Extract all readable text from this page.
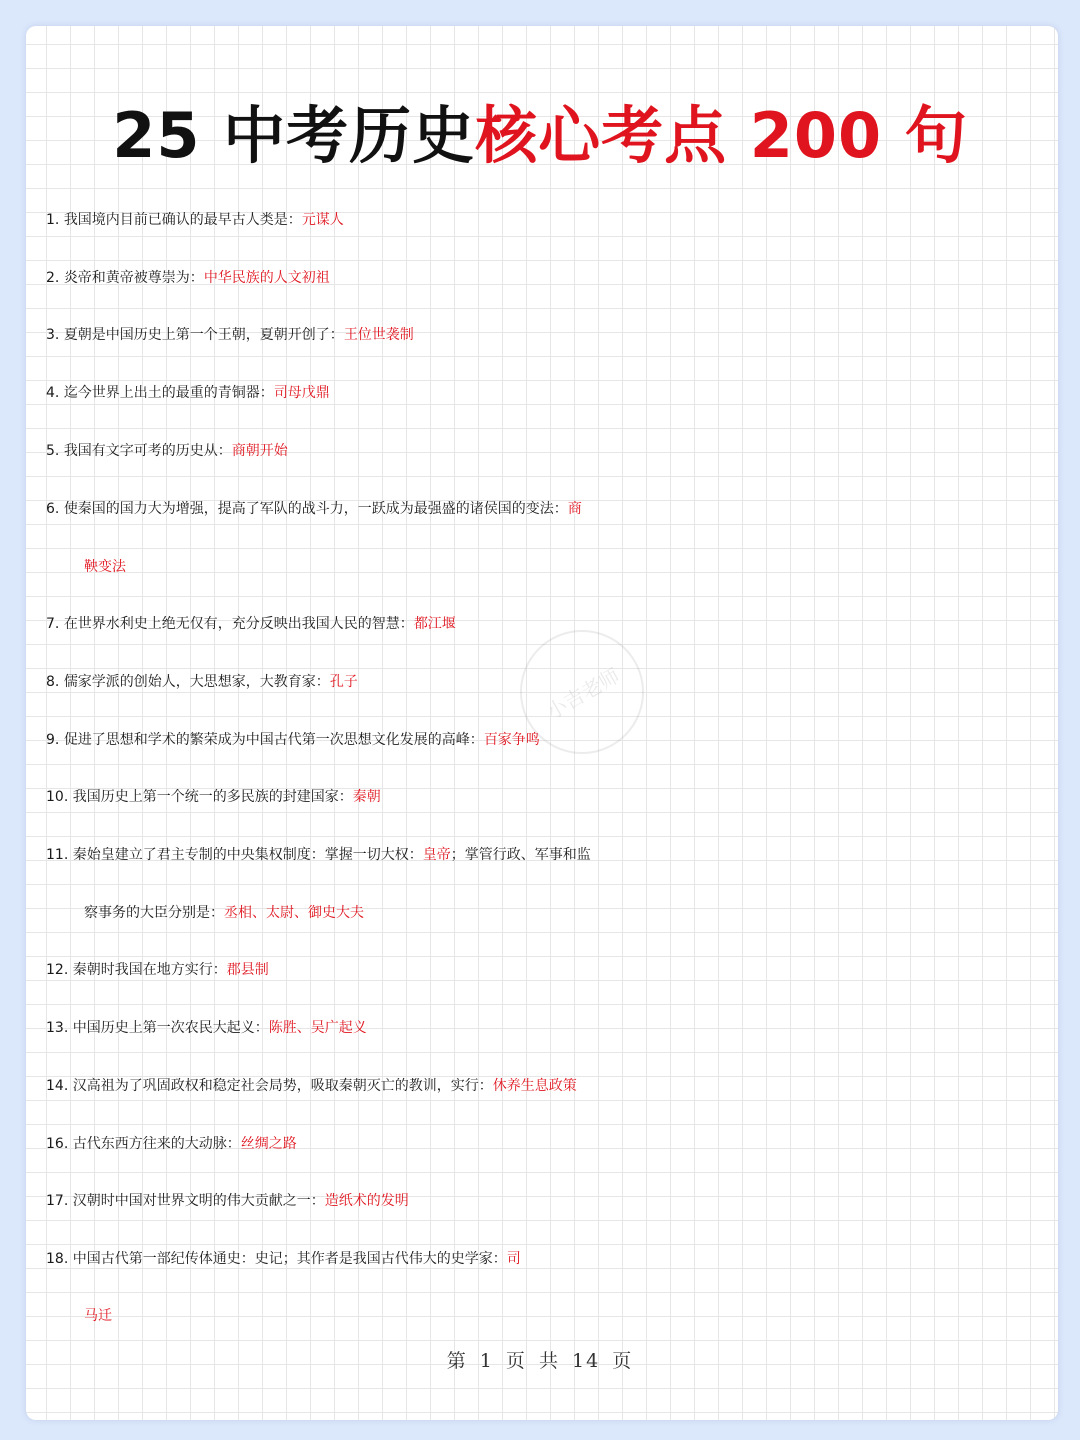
小吉老师
25 中考历史核心考点 200 句
1. 我国境内目前已确认的最早古人类是：元谋人
2. 炎帝和黄帝被尊崇为：中华民族的人文初祖
3. 夏朝是中国历史上第一个王朝，夏朝开创了：王位世袭制
4. 迄今世界上出土的最重的青铜器：司母戊鼎
5. 我国有文字可考的历史从：商朝开始
6. 使秦国的国力大为增强，提高了军队的战斗力，一跃成为最强盛的诸侯国的变法：商
鞅变法
7. 在世界水利史上绝无仅有，充分反映出我国人民的智慧：都江堰
8. 儒家学派的创始人，大思想家，大教育家：孔子
9. 促进了思想和学术的繁荣成为中国古代第一次思想文化发展的高峰：百家争鸣
10. 我国历史上第一个统一的多民族的封建国家：秦朝
11. 秦始皇建立了君主专制的中央集权制度：掌握一切大权：皇帝；掌管行政、军事和监
察事务的大臣分别是：丞相、太尉、御史大夫
12. 秦朝时我国在地方实行：郡县制
13. 中国历史上第一次农民大起义：陈胜、吴广起义
14. 汉高祖为了巩固政权和稳定社会局势，吸取秦朝灭亡的教训，实行：休养生息政策
16. 古代东西方往来的大动脉：丝绸之路
17. 汉朝时中国对世界文明的伟大贡献之一：造纸术的发明
18. 中国古代第一部纪传体通史：史记；其作者是我国古代伟大的史学家：司
马迁
第 1 页 共 14 页
